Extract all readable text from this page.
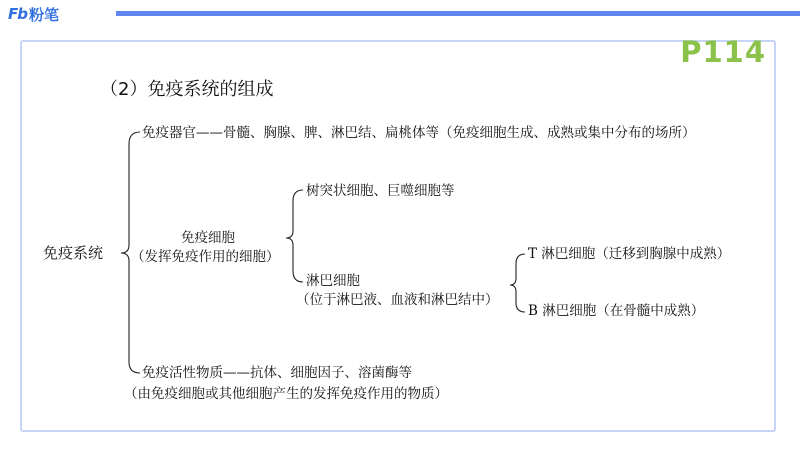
Fb 粉笔
P114
（2）免疫系统的组成
免疫器官——骨髓、胸腺、脾、淋巴结、扁桃体等（免疫细胞生成、成熟或集中分布的场所）
免疫系统
免疫细胞
（发挥免疫作用的细胞）
树突状细胞、巨噬细胞等
淋巴细胞
（位于淋巴液、血液和淋巴结中）
T 淋巴细胞（迁移到胸腺中成熟）
B 淋巴细胞（在骨髓中成熟）
免疫活性物质——抗体、细胞因子、溶菌酶等
（由免疫细胞或其他细胞产生的发挥免疫作用的物质）
